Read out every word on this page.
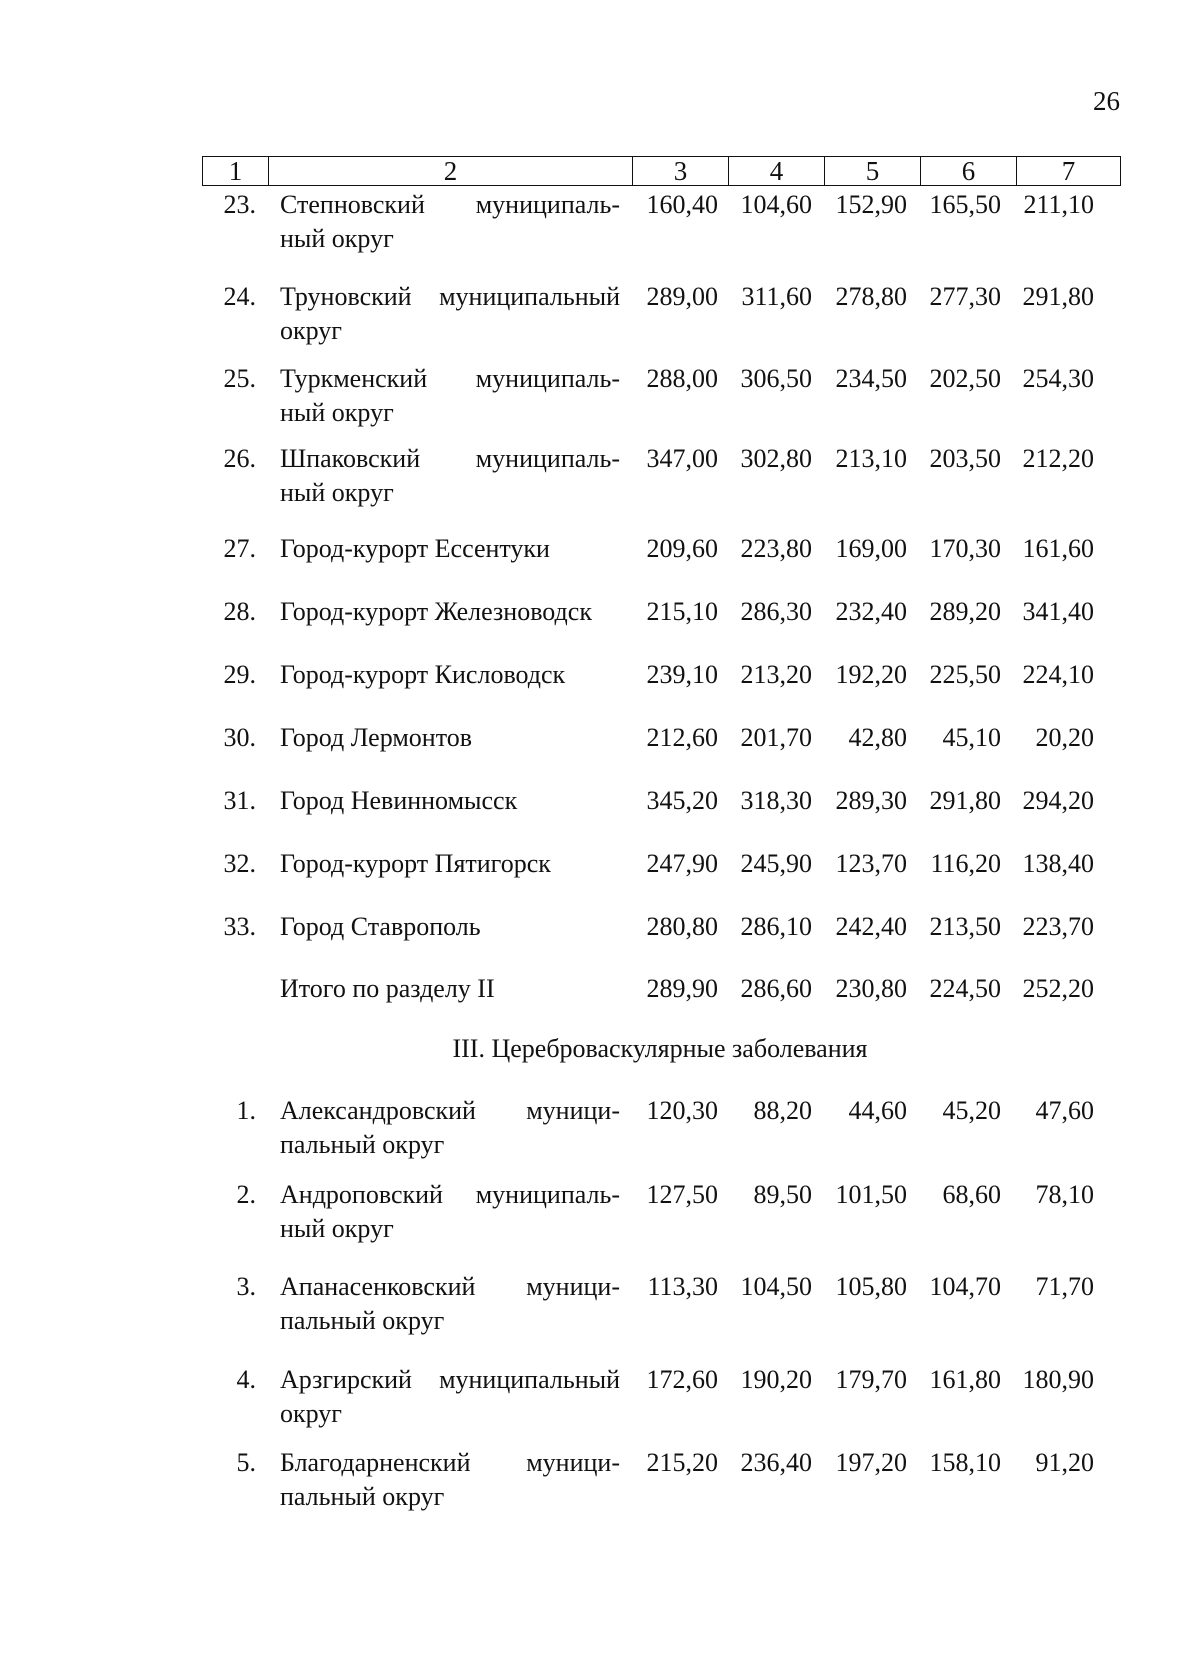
26
1	2	3	4	5	6	7
23. Степновский муниципаль-
ный округ
160,40 104,60 152,90 165,50 211,10
24. Труновский муниципальный
округ
289,00 311,60 278,80 277,30 291,80
25. Туркменский муниципаль-
ный округ
288,00 306,50 234,50 202,50 254,30
26. Шпаковский муниципаль-
ный округ
347,00 302,80 213,10 203,50 212,20
27. Город-курорт Ессентуки	209,60 223,80 169,00 170,30 161,60
28. Город-курорт Железноводск	215,10 286,30 232,40 289,20 341,40
29. Город-курорт Кисловодск	239,10 213,20 192,20 225,50 224,10
30. Город Лермонтов	212,60 201,70	42,80	45,10	20,20
31. Город Невинномысск	345,20 318,30 289,30 291,80 294,20
32. Город-курорт Пятигорск	247,90 245,90 123,70 116,20 138,40
33. Город Ставрополь	280,80 286,10 242,40 213,50 223,70
Итого по разделу II	289,90 286,60 230,80 224,50 252,20
III. Цереброваскулярные заболевания
1. Александровский муници-
пальный округ
120,30	88,20	44,60	45,20	47,60
2. Андроповский муниципаль-
ный округ
127,50	89,50 101,50	68,60	78,10
3. Апанасенковский муници-
пальный округ
113,30 104,50 105,80 104,70	71,70
4. Арзгирский муниципальный
округ
172,60 190,20 179,70 161,80 180,90
5. Благодарненский муници-
пальный округ
215,20 236,40 197,20 158,10	91,20
